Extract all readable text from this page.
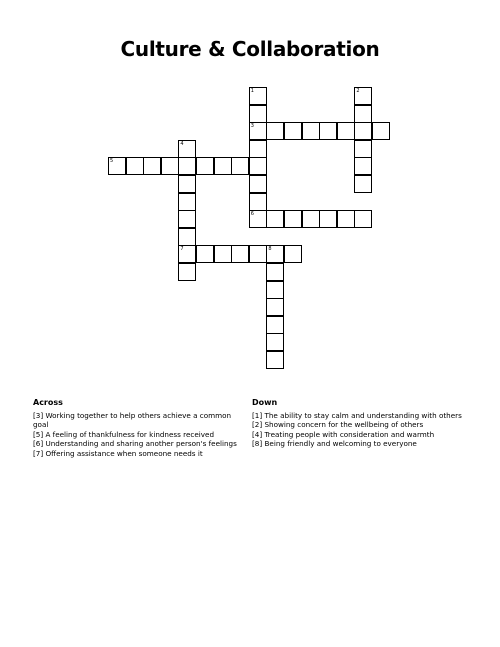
Culture & Collaboration
1
3
2
4
7
5
6
8
Across

[3] Working together to help others achieve a common goal

[5] A feeling of thankfulness for kindness received

[6] Understanding and sharing another person's feelings

[7] Offering assistance when someone needs it

Down

[1] The ability to stay calm and understanding with others

[2] Showing concern for the wellbeing of others

[4] Treating people with consideration and warmth

[8] Being friendly and welcoming to everyone
